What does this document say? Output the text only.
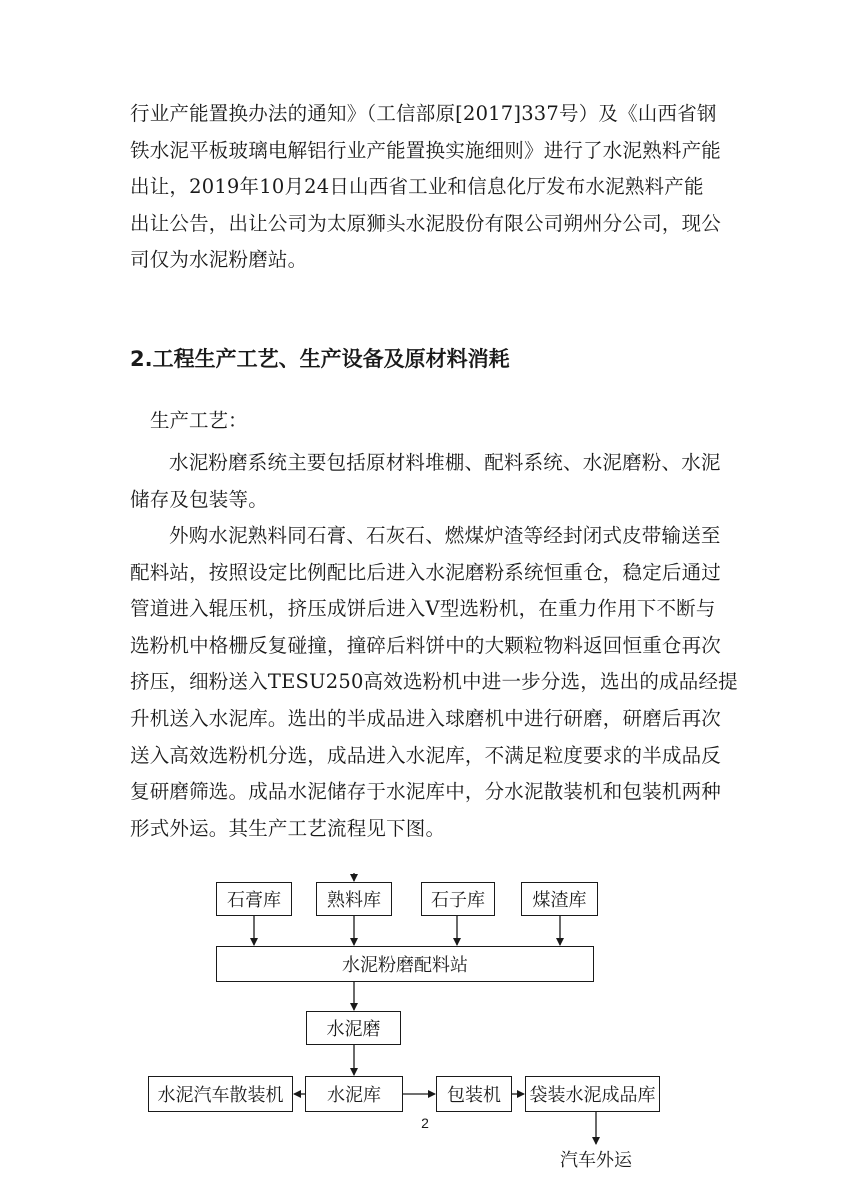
行业产能置换办法的通知》（工信部原[2017]337号）及《山西省钢
铁水泥平板玻璃电解铝行业产能置换实施细则》进行了水泥熟料产能
出让，2019年10月24日山西省工业和信息化厅发布水泥熟料产能
出让公告，出让公司为太原狮头水泥股份有限公司朔州分公司，现公
司仅为水泥粉磨站。
2.工程生产工艺、生产设备及原材料消耗

生产工艺：

水泥粉磨系统主要包括原材料堆棚、配料系统、水泥磨粉、水泥
储存及包装等。
外购水泥熟料同石膏、石灰石、燃煤炉渣等经封闭式皮带输送至
配料站，按照设定比例配比后进入水泥磨粉系统恒重仓，稳定后通过
管道进入辊压机，挤压成饼后进入V型选粉机，在重力作用下不断与
选粉机中格栅反复碰撞，撞碎后料饼中的大颗粒物料返回恒重仓再次
挤压，细粉送入TESU250高效选粉机中进一步分选，选出的成品经提
升机送入水泥库。选出的半成品进入球磨机中进行研磨，研磨后再次
送入高效选粉机分选，成品进入水泥库，不满足粒度要求的半成品反
复研磨筛选。成品水泥储存于水泥库中，分水泥散装机和包装机两种
形式外运。其生产工艺流程见下图。
石膏库	熟料库	石子库	煤渣库
水泥粉磨配料站
水泥磨
水泥汽车散装机	水泥库	包装机	袋装水泥成品库
2
汽车外运
